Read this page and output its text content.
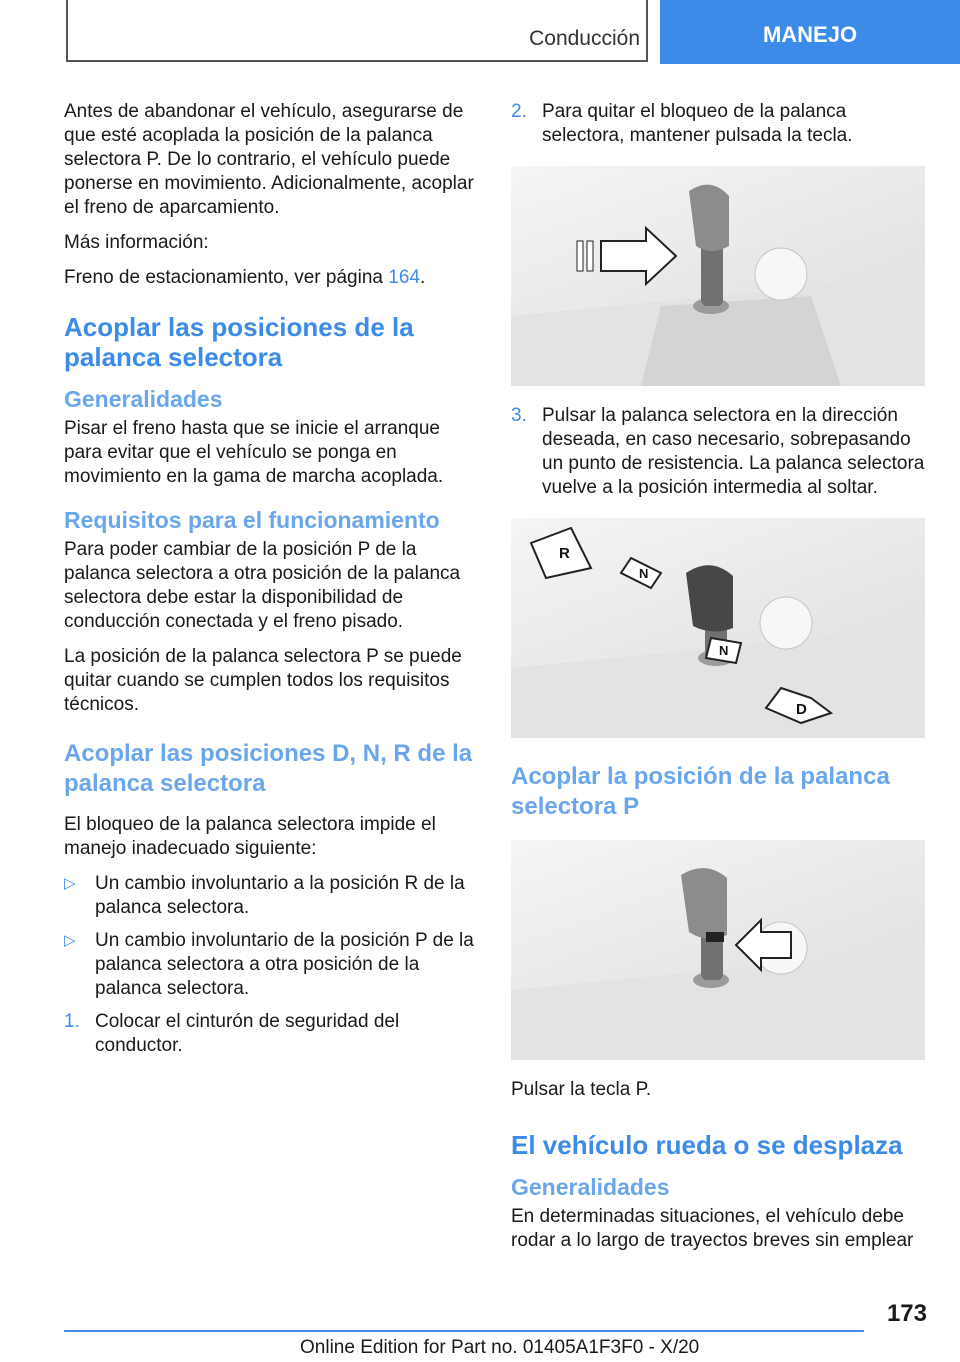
Conducción	MANEJO

Antes de abandonar el vehículo, asegurarse de que esté acoplada la posición de la palanca selectora P. De lo contrario, el vehículo puede ponerse en movimiento. Adicionalmente, acoplar el freno de aparcamiento.

Más información:

Freno de estacionamiento, ver página 164.

Acoplar las posiciones de la palanca selectora
Generalidades

Pisar el freno hasta que se inicie el arranque para evitar que el vehículo se ponga en movimiento en la gama de marcha acoplada.

Requisitos para el funcionamiento

Para poder cambiar de la posición P de la palanca selectora a otra posición de la palanca selectora debe estar la disponibilidad de conducción conectada y el freno pisado.

La posición de la palanca selectora P se puede quitar cuando se cumplen todos los requisitos técnicos.

Acoplar las posiciones D, N, R de la palanca selectora

El bloqueo de la palanca selectora impide el manejo inadecuado siguiente:

▷ Un cambio involuntario a la posición R de la palanca selectora.
▷ Un cambio involuntario de la posición P de la palanca selectora a otra posición de la palanca selectora.
1. Colocar el cinturón de seguridad del conductor.
2. Para quitar el bloqueo de la palanca selectora, mantener pulsada la tecla.
3. Pulsar la palanca selectora en la dirección deseada, en caso necesario, sobrepasando un punto de resistencia. La palanca selectora vuelve a la posición intermedia al soltar.
R
N
N
D
Acoplar la posición de la palanca selectora P

Pulsar la tecla P.

El vehículo rueda o se desplaza
Generalidades

En determinadas situaciones, el vehículo debe rodar a lo largo de trayectos breves sin emplear

173
Online Edition for Part no. 01405A1F3F0 - X/20
